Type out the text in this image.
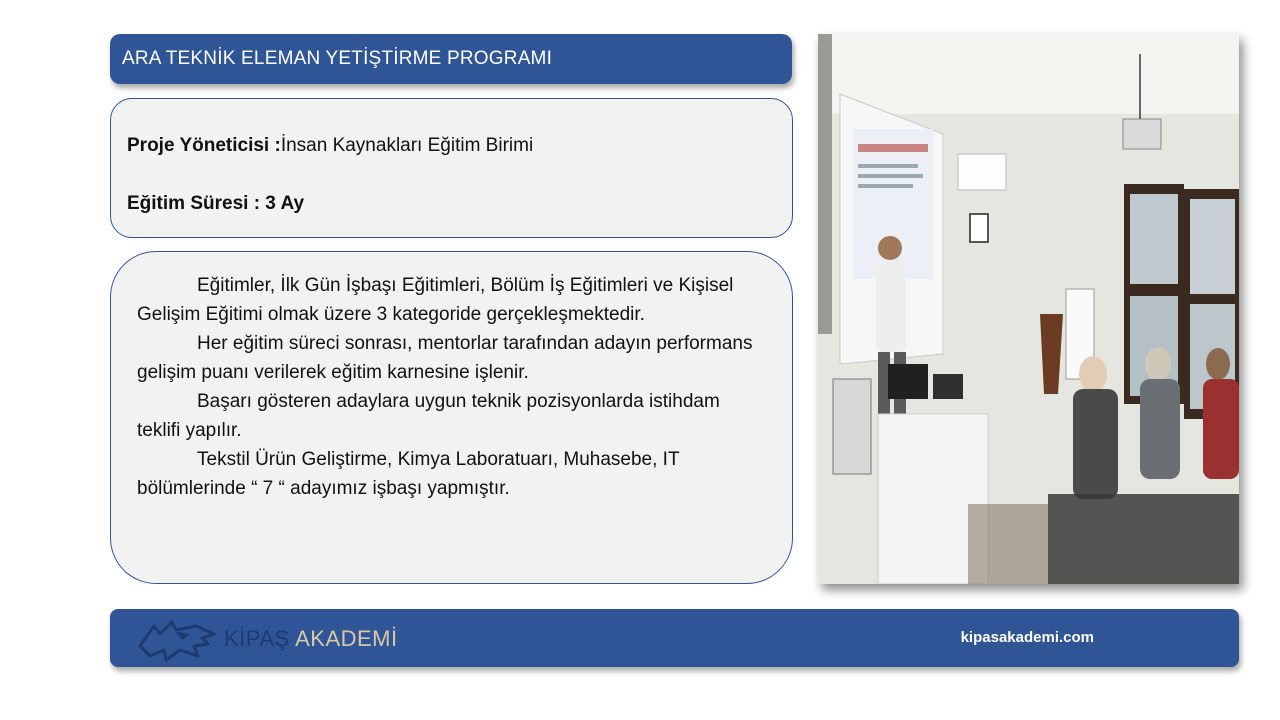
ARA TEKNİK ELEMAN YETİŞTİRME PROGRAMI
Proje Yöneticisi :İnsan Kaynakları Eğitim Birimi
Eğitim Süresi : 3 Ay

Eğitimler, İlk Gün İşbaşı Eğitimleri, Bölüm İş Eğitimleri ve Kişisel Gelişim Eğitimi olmak üzere 3 kategoride gerçekleşmektedir.

Her eğitim süreci sonrası, mentorlar tarafından adayın performans gelişim puanı verilerek eğitim karnesine işlenir.

Başarı gösteren adaylara uygun teknik pozisyonlarda istihdam teklifi yapılır.

Tekstil Ürün Geliştirme, Kimya Laboratuarı, Muhasebe, IT bölümlerinde “ 7 “ adayımız işbaşı yapmıştır.

KİPAŞ AKADEMİ	kipasakademi.com
